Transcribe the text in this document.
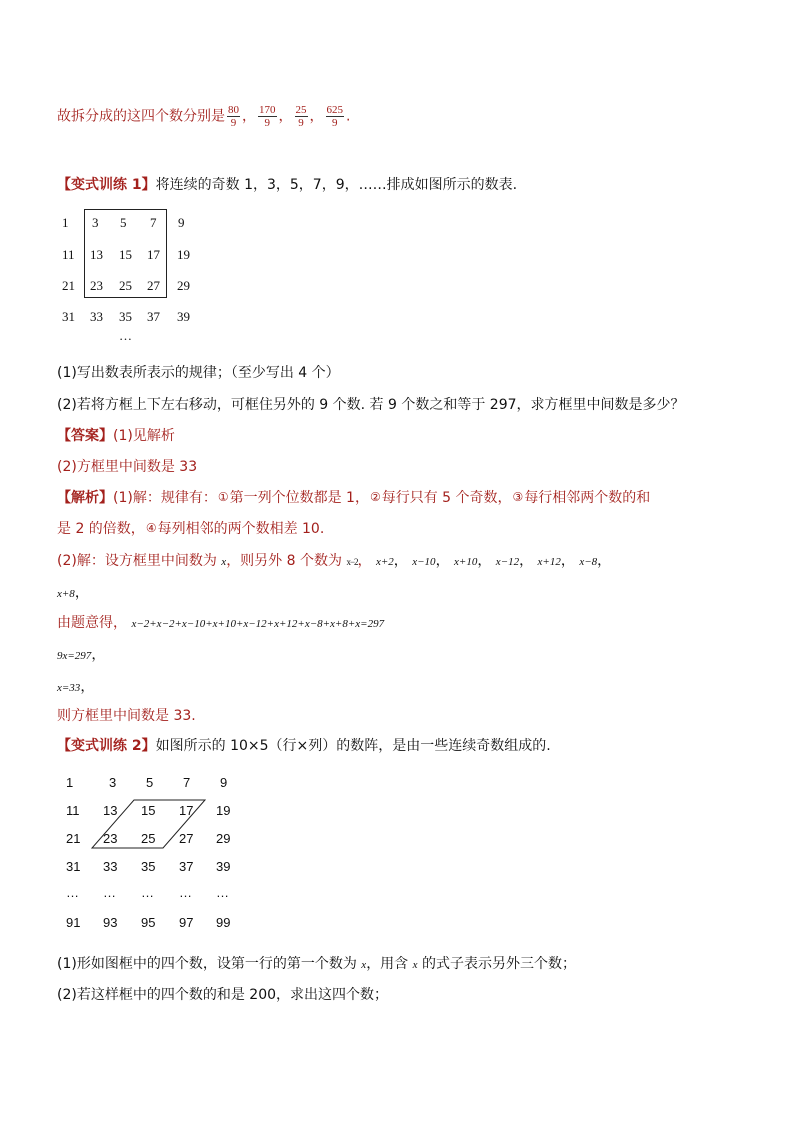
故拆分成的这四个数分别是 $\frac{80}{9}$ ， $\frac{170}{9}$ ， $\frac{25}{9}$ ， $\frac{625}{9}$ .
【变式训练 1】将连续的奇数 1，3，5，7，9，……排成如图所示的数表.
1 3 5 7 9
11 13 15 17 19
21 23 25 27 29
31 33 35 37 39
…
(1)写出数表所表示的规律；（至少写出 4 个）
(2)若将方框上下左右移动，可框住另外的 9 个数. 若 9 个数之和等于 297，求方框里中间数是多少？
【答案】(1)见解析
(2)方框里中间数是 33
【解析】(1)解：规律有：①第一列个位数都是 1，②每行只有 5 个奇数，③每行相邻两个数的和
是 2 的倍数，④每列相邻的两个数相差 10.
(2)解：设方框里中间数为 x，则另外 8 个数为 x−2， x+2， x−10， x+10， x−12， x+12， x−8，
x+8，
由题意得， x−2+x−2+x−10+x+10+x−12+x+12+x−8+x+8+x=297
9x=297，
x=33，
则方框里中间数是 33.
【变式训练 2】如图所示的 10×5（行×列）的数阵，是由一些连续奇数组成的.
1	3 5 7 9
11 13 15 17 19
21 23 25 27 29
31 33 35 37 39
… … … … …
91 93 95 97 99
(1)形如图框中的四个数，设第一行的第一个数为 x，用含 x 的式子表示另外三个数；
(2)若这样框中的四个数的和是 200，求出这四个数；
